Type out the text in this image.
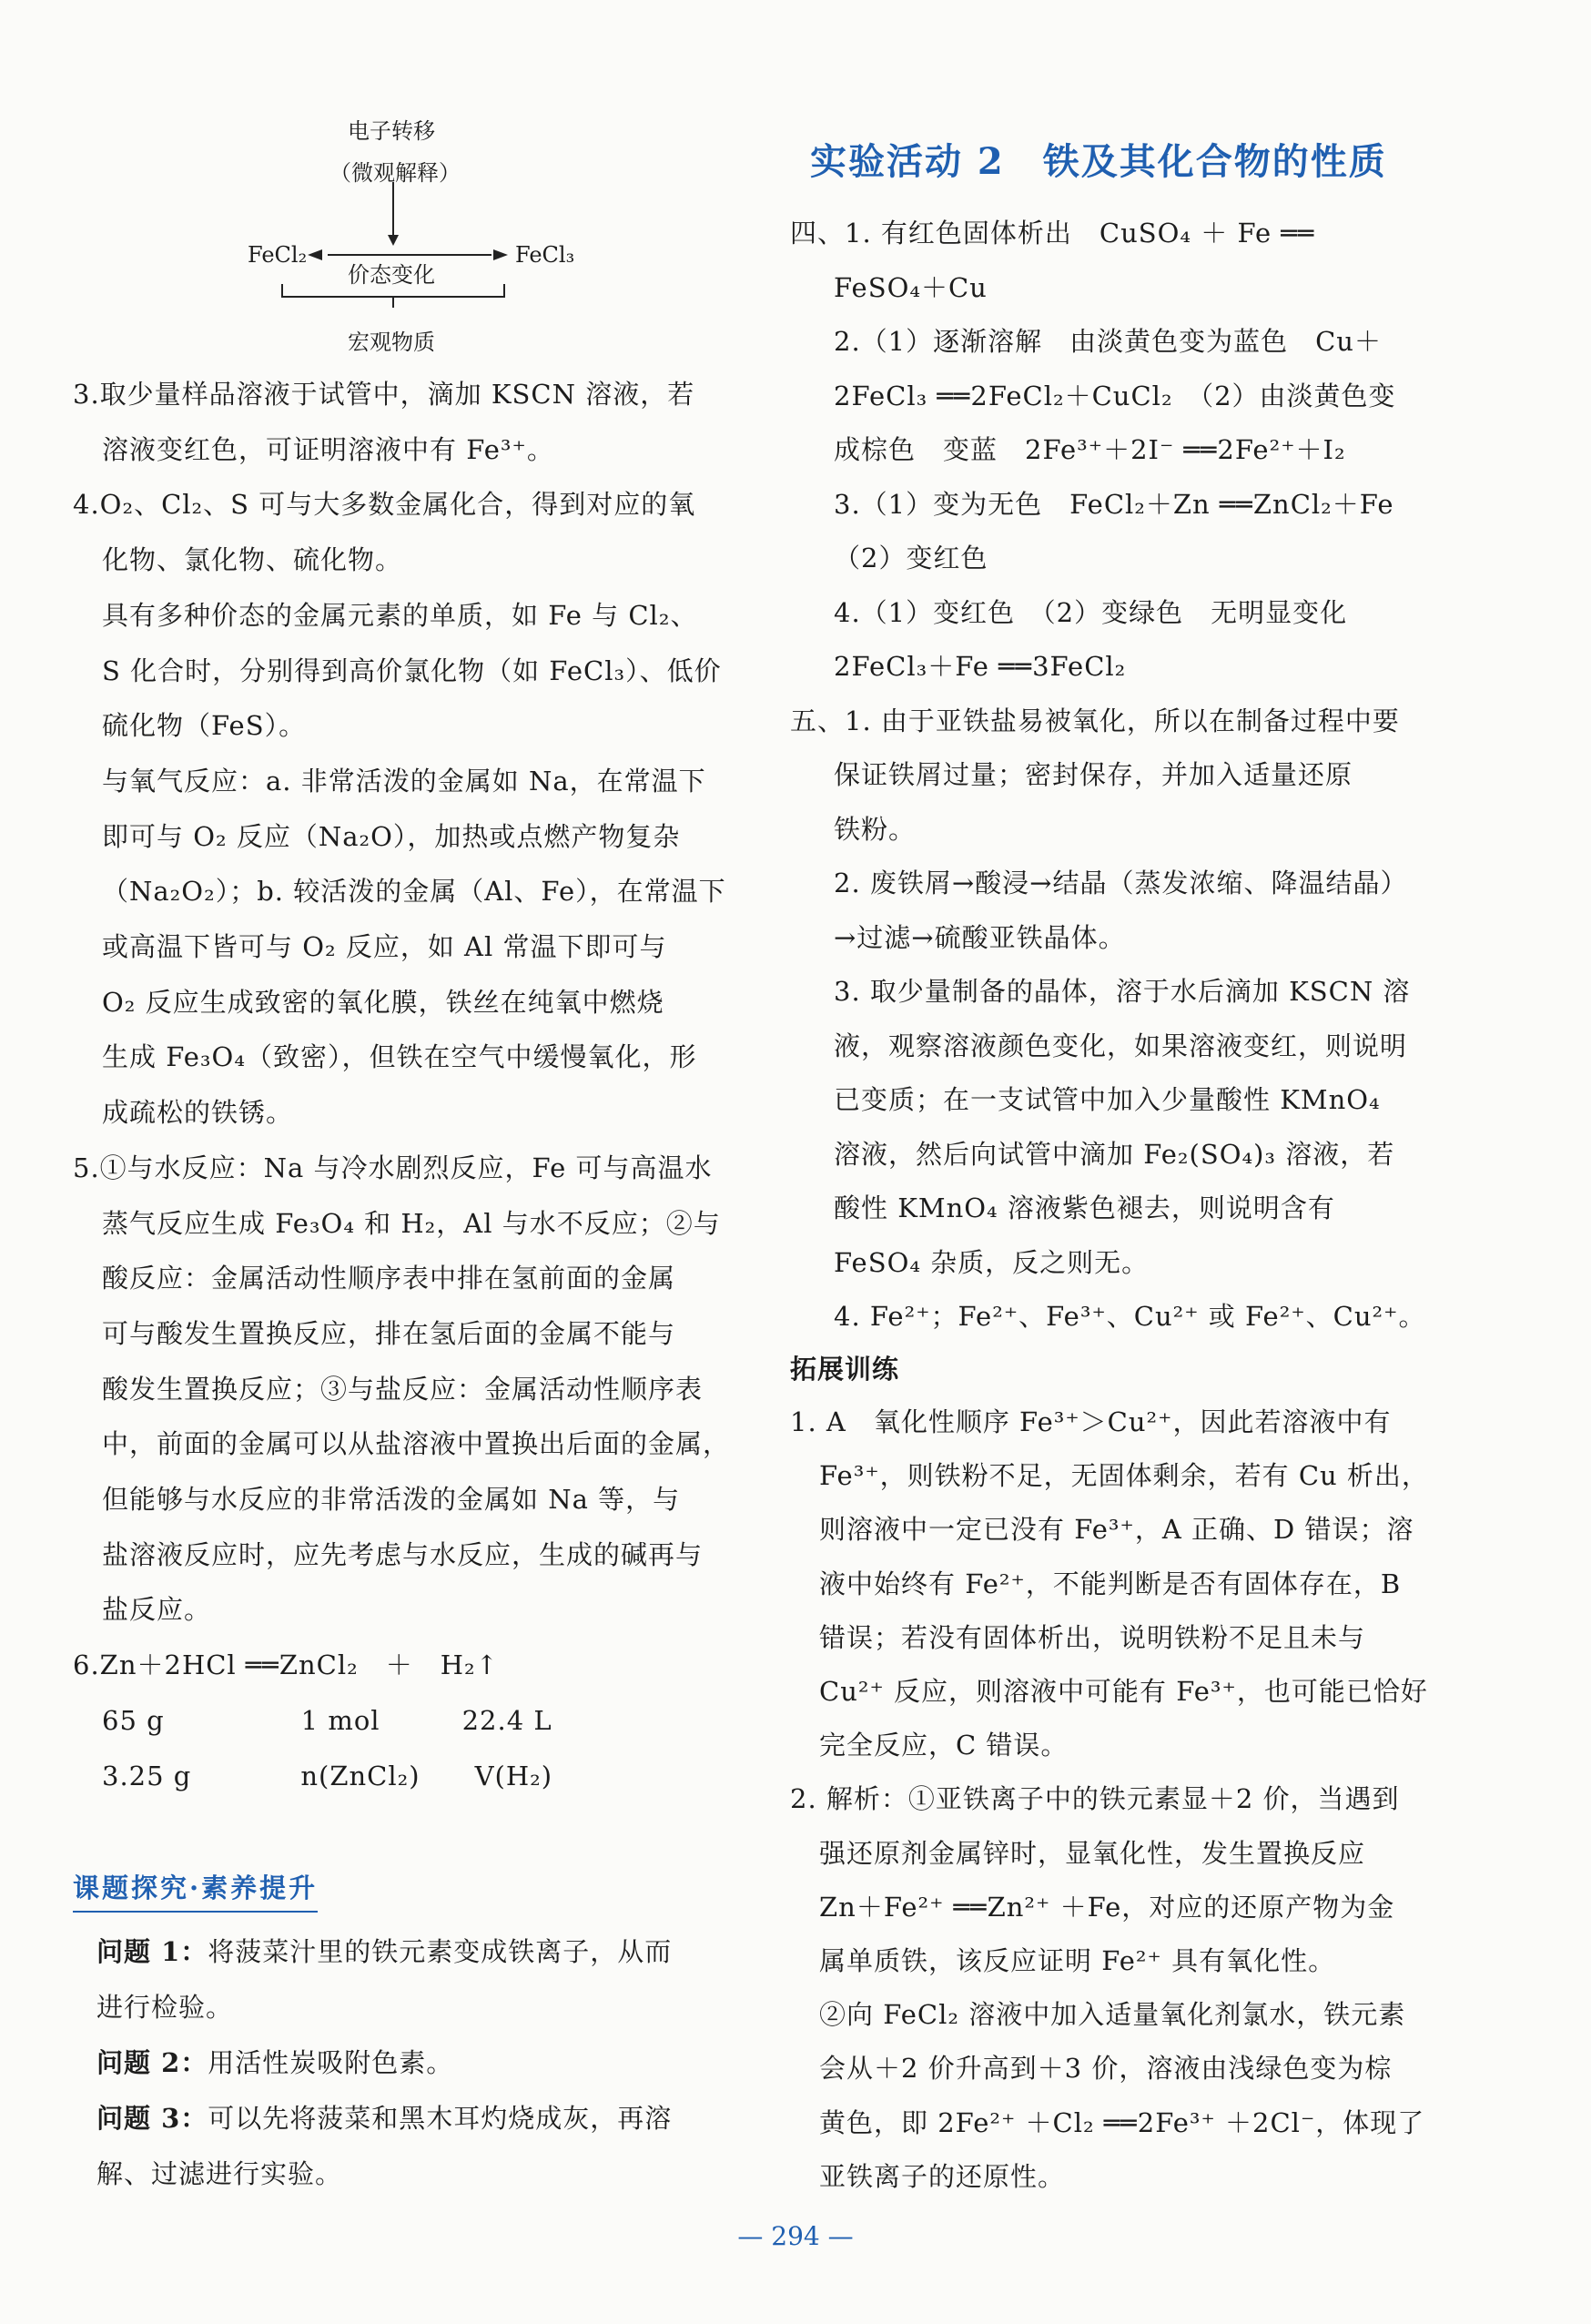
电子转移
（微观解释）
FeCl₂	FeCl₃
价态变化
宏观物质
3.取少量样品溶液于试管中，滴加 KSCN 溶液，若
溶液变红色，可证明溶液中有 Fe³⁺。
4.O₂、Cl₂、S 可与大多数金属化合，得到对应的氧
化物、氯化物、硫化物。
具有多种价态的金属元素的单质，如 Fe 与 Cl₂、
S 化合时，分别得到高价氯化物（如 FeCl₃）、低价
硫化物（FeS）。
与氧气反应：a. 非常活泼的金属如 Na，在常温下
即可与 O₂ 反应（Na₂O），加热或点燃产物复杂
（Na₂O₂）；b. 较活泼的金属（Al、Fe），在常温下
或高温下皆可与 O₂ 反应，如 Al 常温下即可与
O₂ 反应生成致密的氧化膜，铁丝在纯氧中燃烧
生成 Fe₃O₄（致密），但铁在空气中缓慢氧化，形
成疏松的铁锈。
5.①与水反应：Na 与冷水剧烈反应，Fe 可与高温水
蒸气反应生成 Fe₃O₄ 和 H₂，Al 与水不反应；②与
酸反应：金属活动性顺序表中排在氢前面的金属
可与酸发生置换反应，排在氢后面的金属不能与
酸发生置换反应；③与盐反应：金属活动性顺序表
中，前面的金属可以从盐溶液中置换出后面的金属，
但能够与水反应的非常活泼的金属如 Na 等，与
盐溶液反应时，应先考虑与水反应，生成的碱再与
盐反应。
6.Zn＋2HCl ══ZnCl₂　＋　H₂↑
65 g　　　　　1 mol　　　22.4 L
3.25 g　　　　n(ZnCl₂)　　V(H₂)
课题探究·素养提升
问题 1：将菠菜汁里的铁元素变成铁离子，从而
进行检验。
问题 2：用活性炭吸附色素。
问题 3：可以先将菠菜和黑木耳灼烧成灰，再溶
解、过滤进行实验。
实验活动 2　铁及其化合物的性质
四、1. 有红色固体析出　CuSO₄ ＋ Fe ══
FeSO₄＋Cu
2.（1）逐渐溶解　由淡黄色变为蓝色　Cu＋
2FeCl₃ ══2FeCl₂＋CuCl₂　（2）由淡黄色变
成棕色　变蓝　2Fe³⁺＋2I⁻ ══2Fe²⁺＋I₂
3.（1）变为无色　FeCl₂＋Zn ══ZnCl₂＋Fe
（2）变红色
4.（1）变红色　（2）变绿色　无明显变化
2FeCl₃＋Fe ══3FeCl₂
五、1. 由于亚铁盐易被氧化，所以在制备过程中要
保证铁屑过量；密封保存，并加入适量还原
铁粉。
2. 废铁屑→酸浸→结晶（蒸发浓缩、降温结晶）
→过滤→硫酸亚铁晶体。
3. 取少量制备的晶体，溶于水后滴加 KSCN 溶
液，观察溶液颜色变化，如果溶液变红，则说明
已变质；在一支试管中加入少量酸性 KMnO₄
溶液，然后向试管中滴加 Fe₂(SO₄)₃ 溶液，若
酸性 KMnO₄ 溶液紫色褪去，则说明含有
FeSO₄ 杂质，反之则无。
4. Fe²⁺；Fe²⁺、Fe³⁺、Cu²⁺ 或 Fe²⁺、Cu²⁺。
拓展训练
1. A　氧化性顺序 Fe³⁺＞Cu²⁺，因此若溶液中有
Fe³⁺，则铁粉不足，无固体剩余，若有 Cu 析出，
则溶液中一定已没有 Fe³⁺，A 正确、D 错误；溶
液中始终有 Fe²⁺，不能判断是否有固体存在，B
错误；若没有固体析出，说明铁粉不足且未与
Cu²⁺ 反应，则溶液中可能有 Fe³⁺，也可能已恰好
完全反应，C 错误。
2. 解析：①亚铁离子中的铁元素显＋2 价，当遇到
强还原剂金属锌时，显氧化性，发生置换反应
Zn＋Fe²⁺ ══Zn²⁺ ＋Fe，对应的还原产物为金
属单质铁，该反应证明 Fe²⁺ 具有氧化性。
②向 FeCl₂ 溶液中加入适量氧化剂氯水，铁元素
会从＋2 价升高到＋3 价，溶液由浅绿色变为棕
黄色，即 2Fe²⁺ ＋Cl₂ ══2Fe³⁺ ＋2Cl⁻，体现了
亚铁离子的还原性。
— 294 —
